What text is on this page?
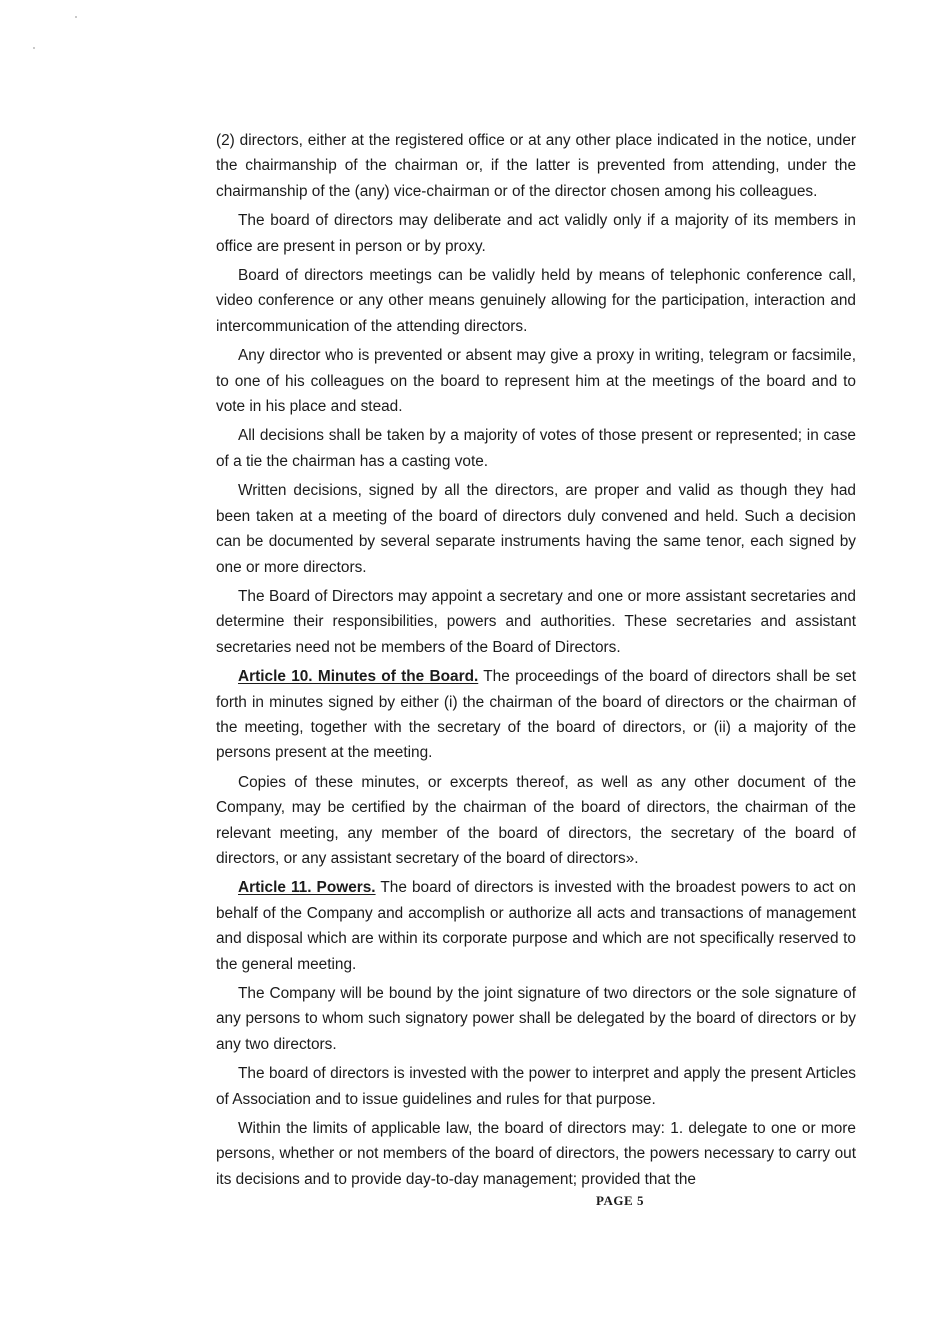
(2) directors, either at the registered office or at any other place indicated in the notice, under the chairmanship of the chairman or, if the latter is prevented from attending, under the chairmanship of the (any) vice-chairman or of the director chosen among his colleagues.

The board of directors may deliberate and act validly only if a majority of its members in office are present in person or by proxy.

Board of directors meetings can be validly held by means of telephonic conference call, video conference or any other means genuinely allowing for the participation, interaction and intercommunication of the attending directors.

Any director who is prevented or absent may give a proxy in writing, telegram or facsimile, to one of his colleagues on the board to represent him at the meetings of the board and to vote in his place and stead.

All decisions shall be taken by a majority of votes of those present or represented; in case of a tie the chairman has a casting vote.

Written decisions, signed by all the directors, are proper and valid as though they had been taken at a meeting of the board of directors duly convened and held. Such a decision can be documented by several separate instruments having the same tenor, each signed by one or more directors.

The Board of Directors may appoint a secretary and one or more assistant secretaries and determine their responsibilities, powers and authorities. These secretaries and assistant secretaries need not be members of the Board of Directors.

Article 10. Minutes of the Board. The proceedings of the board of directors shall be set forth in minutes signed by either (i) the chairman of the board of directors or the chairman of the meeting, together with the secretary of the board of directors, or (ii) a majority of the persons present at the meeting.

Copies of these minutes, or excerpts thereof, as well as any other document of the Company, may be certified by the chairman of the board of directors, the chairman of the relevant meeting, any member of the board of directors, the secretary of the board of directors, or any assistant secretary of the board of directors».

Article 11. Powers. The board of directors is invested with the broadest powers to act on behalf of the Company and accomplish or authorize all acts and transactions of management and disposal which are within its corporate purpose and which are not specifically reserved to the general meeting.

The Company will be bound by the joint signature of two directors or the sole signature of any persons to whom such signatory power shall be delegated by the board of directors or by any two directors.

The board of directors is invested with the power to interpret and apply the present Articles of Association and to issue guidelines and rules for that purpose.

Within the limits of applicable law, the board of directors may: 1. delegate to one or more persons, whether or not members of the board of directors, the powers necessary to carry out its decisions and to provide day-to-day management; provided that the

PAGE 5
